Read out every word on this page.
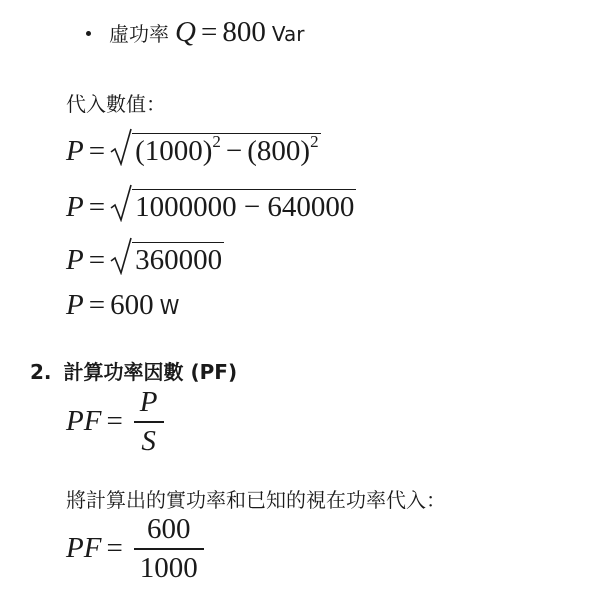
虛功率 Q = 800 Var
代入數值：
$P = (1000)^2 - (800)^2$
P = 1000000 − 640000
P = 360000
P = 600 W
2. 計算功率因數 (PF)
PF = $\frac{P}{S}$
將計算出的實功率和已知的視在功率代入：
PF = $\frac{600}{1000}$
